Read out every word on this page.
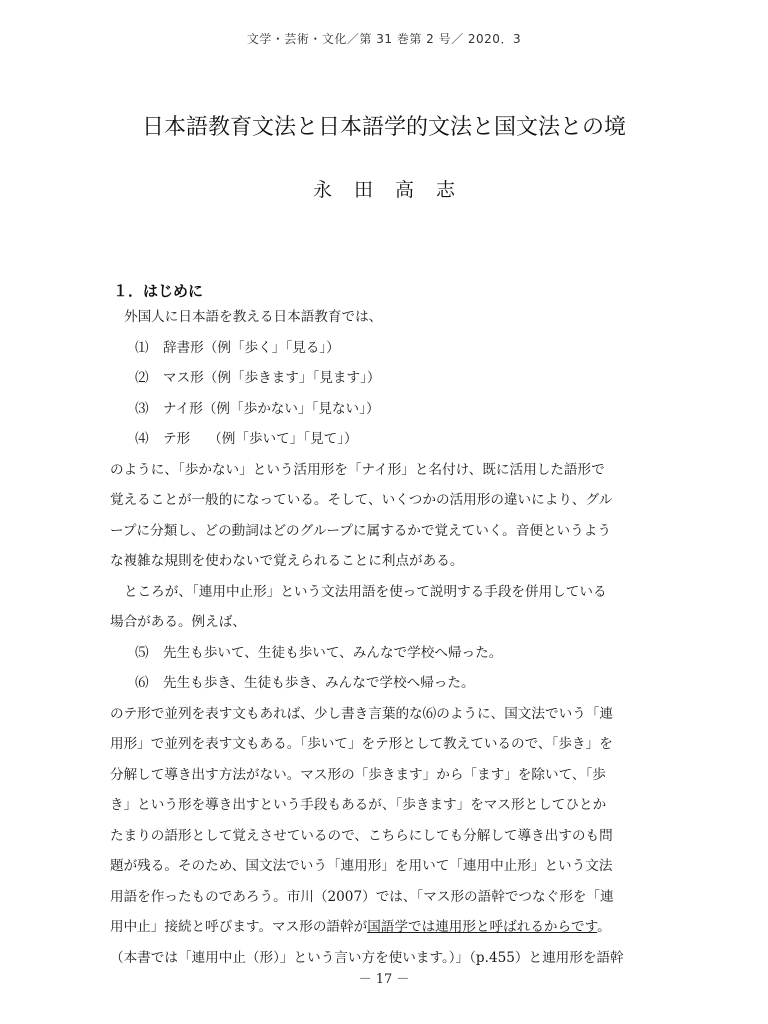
文学・芸術・文化／第 31 巻第 2 号／ 2020．3
日本語教育文法と日本語学的文法と国文法との境
永田高志
１．はじめに
外国人に日本語を教える日本語教育では、
⑴ 辞書形（例「歩く」「見る」）
⑵ マス形（例「歩きます」「見ます」）
⑶ ナイ形（例「歩かない」「見ない」）
⑷ テ形　 （例「歩いて」「見て」）
のように、「歩かない」という活用形を「ナイ形」と名付け、既に活用した語形で
覚えることが一般的になっている。そして、いくつかの活用形の違いにより、グル
ープに分類し、どの動詞はどのグループに属するかで覚えていく。音便というよう
な複雑な規則を使わないで覚えられることに利点がある。
ところが、「連用中止形」という文法用語を使って説明する手段を併用している
場合がある。例えば、
⑸ 先生も歩いて、生徒も歩いて、みんなで学校へ帰った。
⑹ 先生も歩き、生徒も歩き、みんなで学校へ帰った。
のテ形で並列を表す文もあれば、少し書き言葉的な⑹のように、国文法でいう「連
用形」で並列を表す文もある。「歩いて」をテ形として教えているので、「歩き」を
分解して導き出す方法がない。マス形の「歩きます」から「ます」を除いて、「歩
き」という形を導き出すという手段もあるが、「歩きます」をマス形としてひとか
たまりの語形として覚えさせているので、こちらにしても分解して導き出すのも問
題が残る。そのため、国文法でいう「連用形」を用いて「連用中止形」という文法
用語を作ったものであろう。市川（2007）では、「マス形の語幹でつなぐ形を「連
用中止」接続と呼びます。マス形の語幹が国語学では連用形と呼ばれるからです。
（本書では「連用中止（形）」という言い方を使います。）」（p.455）と連用形を語幹
－ 17 －
